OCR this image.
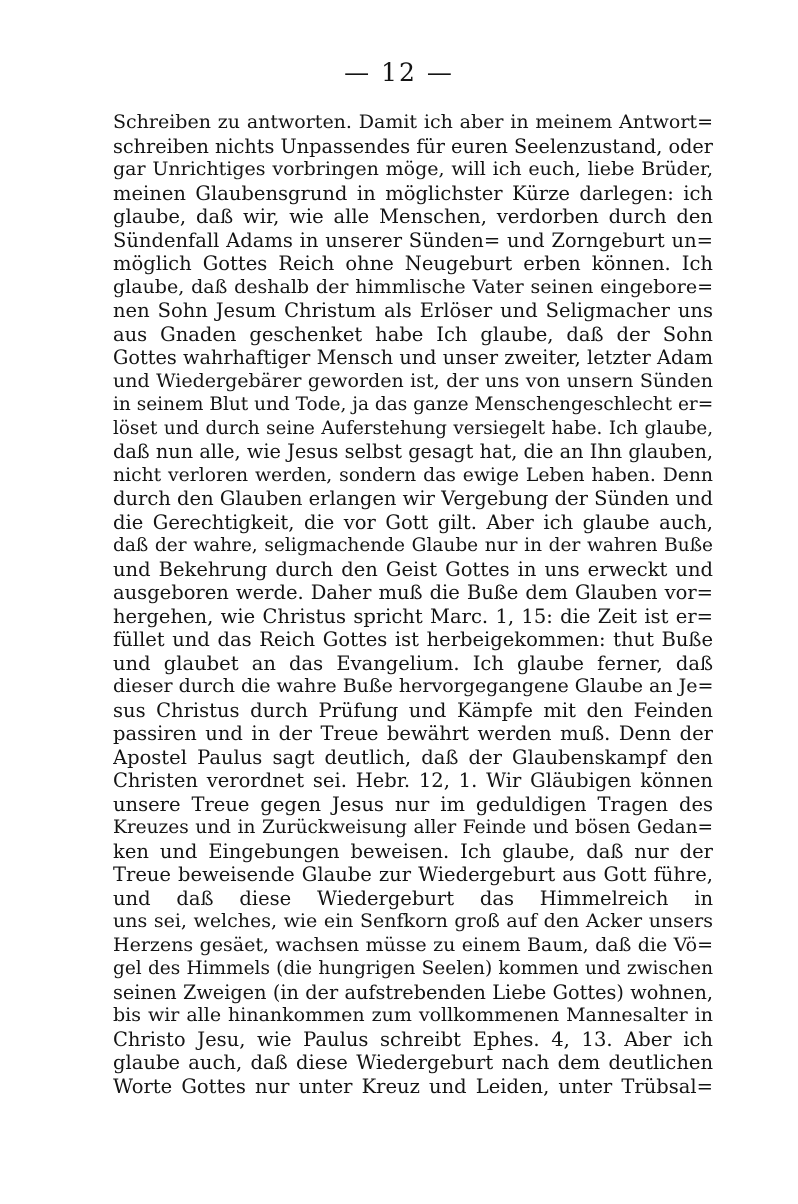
— 12 —
Schreiben zu antworten. Damit ich aber in meinem Antwort=
schreiben nichts Unpassendes für euren Seelenzustand, oder
gar Unrichtiges vorbringen möge, will ich euch, liebe Brüder,
meinen Glaubensgrund in möglichster Kürze darlegen: ich
glaube, daß wir, wie alle Menschen, verdorben durch den
Sündenfall Adams in unserer Sünden= und Zorngeburt un=
möglich Gottes Reich ohne Neugeburt erben können. Ich
glaube, daß deshalb der himmlische Vater seinen eingebore=
nen Sohn Jesum Christum als Erlöser und Seligmacher uns
aus Gnaden geschenket habe Ich glaube, daß der Sohn
Gottes wahrhaftiger Mensch und unser zweiter, letzter Adam
und Wiedergebärer geworden ist, der uns von unsern Sünden
in seinem Blut und Tode, ja das ganze Menschengeschlecht er=
löset und durch seine Auferstehung versiegelt habe. Ich glaube,
daß nun alle, wie Jesus selbst gesagt hat, die an Ihn glauben,
nicht verloren werden, sondern das ewige Leben haben. Denn
durch den Glauben erlangen wir Vergebung der Sünden und
die Gerechtigkeit, die vor Gott gilt. Aber ich glaube auch,
daß der wahre, seligmachende Glaube nur in der wahren Buße
und Bekehrung durch den Geist Gottes in uns erweckt und
ausgeboren werde. Daher muß die Buße dem Glauben vor=
hergehen, wie Christus spricht Marc. 1, 15: die Zeit ist er=
füllet und das Reich Gottes ist herbeigekommen: thut Buße
und glaubet an das Evangelium. Ich glaube ferner, daß
dieser durch die wahre Buße hervorgegangene Glaube an Je=
sus Christus durch Prüfung und Kämpfe mit den Feinden
passiren und in der Treue bewährt werden muß. Denn der
Apostel Paulus sagt deutlich, daß der Glaubenskampf den
Christen verordnet sei. Hebr. 12, 1. Wir Gläubigen können
unsere Treue gegen Jesus nur im geduldigen Tragen des
Kreuzes und in Zurückweisung aller Feinde und bösen Gedan=
ken und Eingebungen beweisen. Ich glaube, daß nur der
Treue beweisende Glaube zur Wiedergeburt aus Gott führe,
und daß diese Wiedergeburt das Himmelreich in
uns sei, welches, wie ein Senfkorn groß auf den Acker unsers
Herzens gesäet, wachsen müsse zu einem Baum, daß die Vö=
gel des Himmels (die hungrigen Seelen) kommen und zwischen
seinen Zweigen (in der aufstrebenden Liebe Gottes) wohnen,
bis wir alle hinankommen zum vollkommenen Mannesalter in
Christo Jesu, wie Paulus schreibt Ephes. 4, 13. Aber ich
glaube auch, daß diese Wiedergeburt nach dem deutlichen
Worte Gottes nur unter Kreuz und Leiden, unter Trübsal=
